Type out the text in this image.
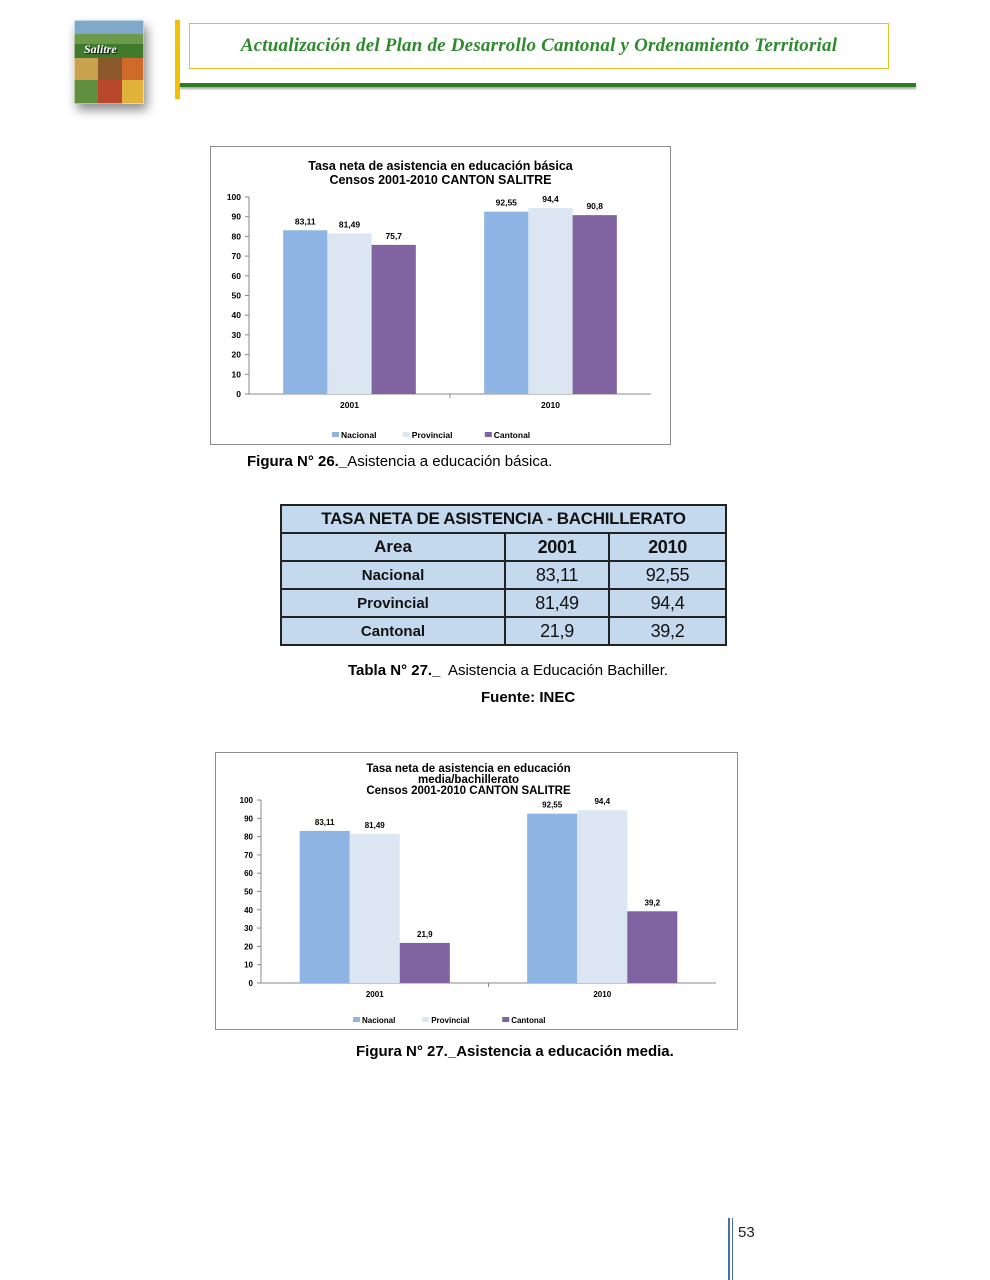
Salitre	Actualización del Plan de Desarrollo Cantonal y Ordenamiento Territorial
Tasa neta de asistencia en educación básica
Censos 2001-2010 CANTON SALITRE
0
10
20
30
40
50
60
70
80
90
100
83,11	81,49
75,7
2001
92,55	94,4
90,8
2010
Nacional	Provincial	Cantonal
Figura N° 26._Asistencia a educación básica.
TASA NETA DE ASISTENCIA - BACHILLERATO		
Area	2001	2010
Nacional	83,11	92,55
Provincial	81,49	94,4
Cantonal	21,9	39,2
Tabla N° 27._ Asistencia a Educación Bachiller.
Fuente: INEC
Tasa neta de asistencia en educación
media/bachillerato
Censos 2001-2010 CANTON SALITRE
0
10
20
30
40
50
60
70
80
90
100
83,11	81,49
21,9
2001
92,55	94,4
39,2
2010
Nacional	Provincial	Cantonal
Figura N° 27._Asistencia a educación media.
53
